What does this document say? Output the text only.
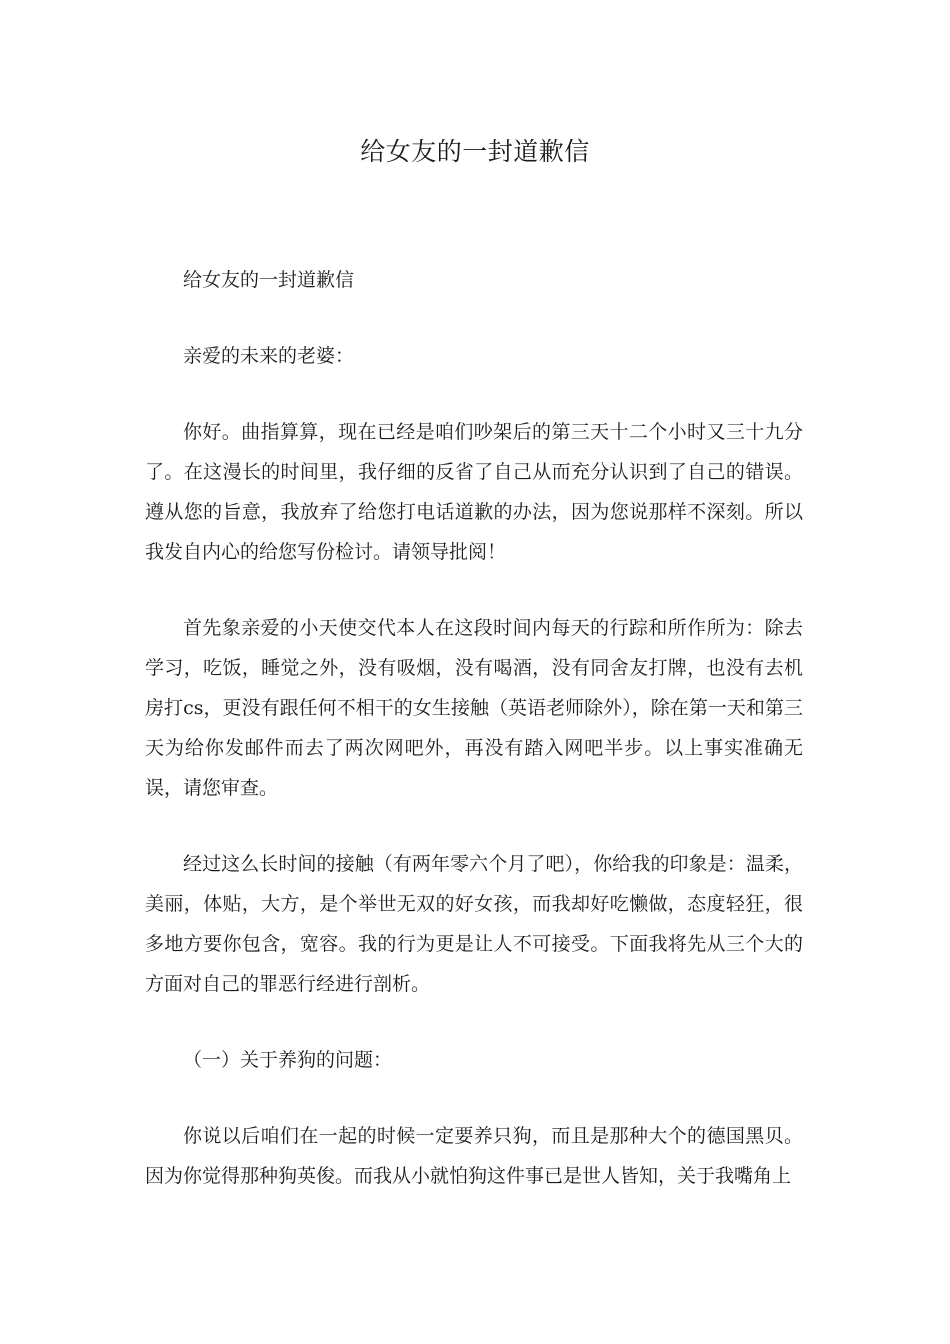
给女友的一封道歉信

给女友的一封道歉信

亲爱的未来的老婆：

你好。曲指算算，现在已经是咱们吵架后的第三天十二个小时又三十九分了。在这漫长的时间里，我仔细的反省了自己从而充分认识到了自己的错误。遵从您的旨意，我放弃了给您打电话道歉的办法，因为您说那样不深刻。所以我发自内心的给您写份检讨。请领导批阅！

首先象亲爱的小天使交代本人在这段时间内每天的行踪和所作所为：除去学习，吃饭，睡觉之外，没有吸烟，没有喝酒，没有同舍友打牌，也没有去机房打cs，更没有跟任何不相干的女生接触（英语老师除外），除在第一天和第三天为给你发邮件而去了两次网吧外，再没有踏入网吧半步。以上事实准确无误，请您审查。

经过这么长时间的接触（有两年零六个月了吧），你给我的印象是：温柔，美丽，体贴，大方，是个举世无双的好女孩，而我却好吃懒做，态度轻狂，很多地方要你包含，宽容。我的行为更是让人不可接受。下面我将先从三个大的方面对自己的罪恶行经进行剖析。

（一）关于养狗的问题：

你说以后咱们在一起的时候一定要养只狗，而且是那种大个的德国黑贝。因为你觉得那种狗英俊。而我从小就怕狗这件事已是世人皆知，关于我嘴角上
